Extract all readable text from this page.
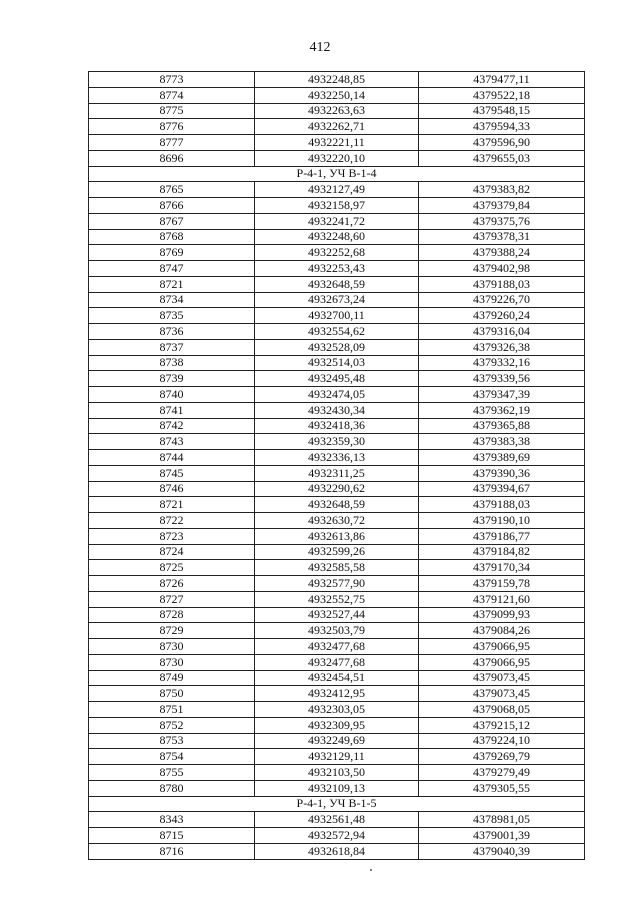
412
8773	4932248,85	4379477,11
8774	4932250,14	4379522,18
8775	4932263,63	4379548,15
8776	4932262,71	4379594,33
8777	4932221,11	4379596,90
8696	4932220,10	4379655,03
Р-4-1, УЧ В-1-4		
8765	4932127,49	4379383,82
8766	4932158,97	4379379,84
8767	4932241,72	4379375,76
8768	4932248,60	4379378,31
8769	4932252,68	4379388,24
8747	4932253,43	4379402,98
8721	4932648,59	4379188,03
8734	4932673,24	4379226,70
8735	4932700,11	4379260,24
8736	4932554,62	4379316,04
8737	4932528,09	4379326,38
8738	4932514,03	4379332,16
8739	4932495,48	4379339,56
8740	4932474,05	4379347,39
8741	4932430,34	4379362,19
8742	4932418,36	4379365,88
8743	4932359,30	4379383,38
8744	4932336,13	4379389,69
8745	4932311,25	4379390,36
8746	4932290,62	4379394,67
8721	4932648,59	4379188,03
8722	4932630,72	4379190,10
8723	4932613,86	4379186,77
8724	4932599,26	4379184,82
8725	4932585,58	4379170,34
8726	4932577,90	4379159,78
8727	4932552,75	4379121,60
8728	4932527,44	4379099,93
8729	4932503,79	4379084,26
8730	4932477,68	4379066,95
8730	4932477,68	4379066,95
8749	4932454,51	4379073,45
8750	4932412,95	4379073,45
8751	4932303,05	4379068,05
8752	4932309,95	4379215,12
8753	4932249,69	4379224,10
8754	4932129,11	4379269,79
8755	4932103,50	4379279,49
8780	4932109,13	4379305,55
Р-4-1, УЧ В-1-5		
8343	4932561,48	4378981,05
8715	4932572,94	4379001,39
8716	4932618,84	4379040,39
